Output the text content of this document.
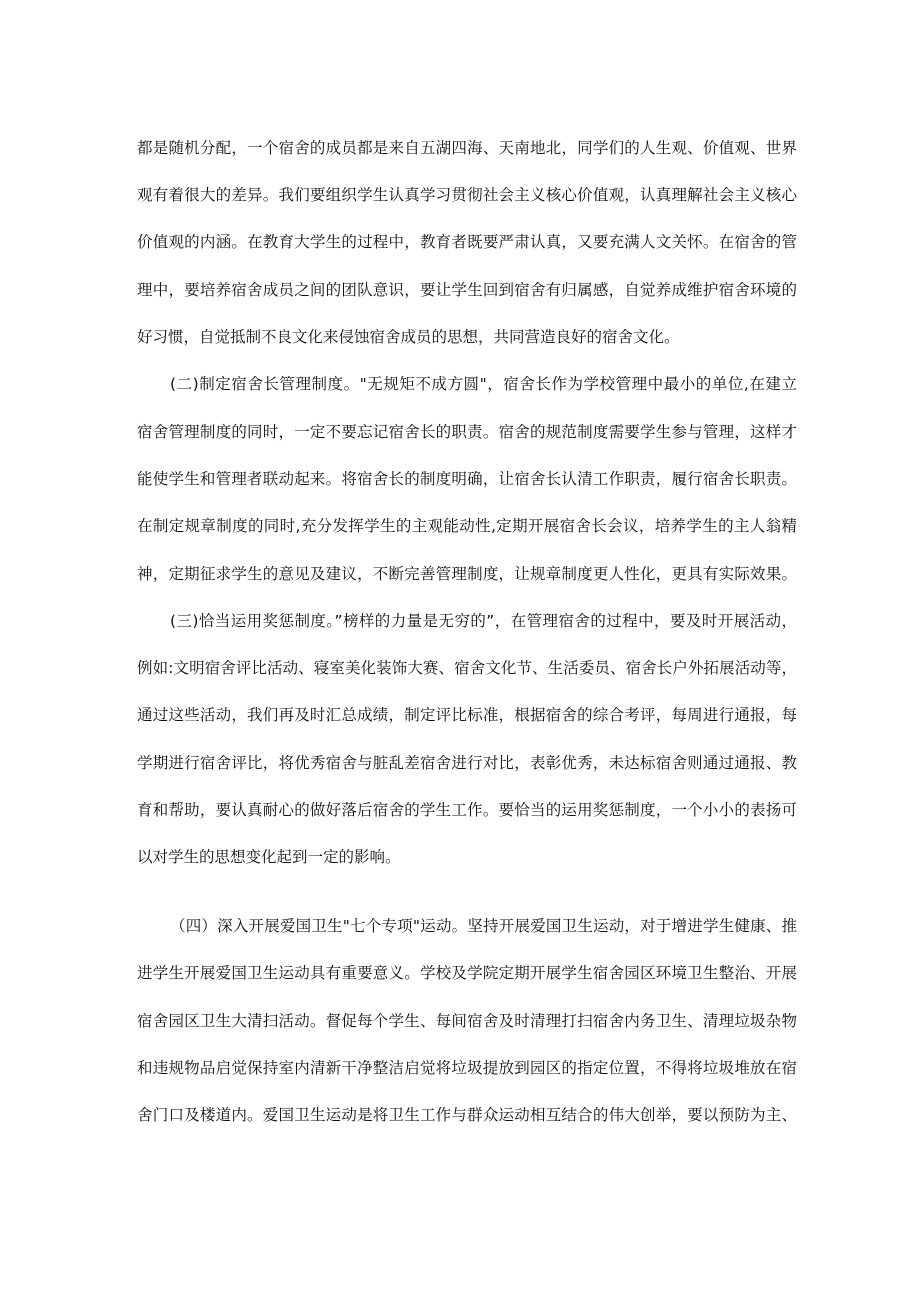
都是随机分配，一个宿舍的成员都是来自五湖四海、天南地北，同学们的人生观、价值观、世界
观有着很大的差异。我们要组织学生认真学习贯彻社会主义核心价值观，认真理解社会主义核心
价值观的内涵。在教育大学生的过程中，教育者既要严肃认真，又要充满人文关怀。在宿舍的管
理中，要培养宿舍成员之间的团队意识，要让学生回到宿舍有归属感，自觉养成维护宿舍环境的
好习惯，自觉抵制不良文化来侵蚀宿舍成员的思想，共同营造良好的宿舍文化。
(二)制定宿舍长管理制度。"无规矩不成方圆"，宿舍长作为学校管理中最小的单位,在建立
宿舍管理制度的同时，一定不要忘记宿舍长的职责。宿舍的规范制度需要学生参与管理，这样才
能使学生和管理者联动起来。将宿舍长的制度明确，让宿舍长认清工作职责，履行宿舍长职责。
在制定规章制度的同时,充分发挥学生的主观能动性,定期开展宿舍长会议，培养学生的主人翁精
神，定期征求学生的意见及建议，不断完善管理制度，让规章制度更人性化，更具有实际效果。
(三)恰当运用奖惩制度。”榜样的力量是无穷的”，在管理宿舍的过程中，要及时开展活动，
例如:文明宿舍评比活动、寝室美化装饰大赛、宿舍文化节、生活委员、宿舍长户外拓展活动等，
通过这些活动，我们再及时汇总成绩，制定评比标准，根据宿舍的综合考评，每周进行通报，每
学期进行宿舍评比，将优秀宿舍与脏乱差宿舍进行对比，表彰优秀，未达标宿舍则通过通报、教
育和帮助，要认真耐心的做好落后宿舍的学生工作。要恰当的运用奖惩制度，一个小小的表扬可
以对学生的思想变化起到一定的影响。
（四）深入开展爱国卫生"七个专项"运动。坚持开展爱国卫生运动，对于增进学生健康、推
进学生开展爱国卫生运动具有重要意义。学校及学院定期开展学生宿舍园区环境卫生整治、开展
宿舍园区卫生大清扫活动。督促每个学生、每间宿舍及时清理打扫宿舍内务卫生、清理垃圾杂物
和违规物品启觉保持室内清新干净整洁启觉将垃圾提放到园区的指定位置，不得将垃圾堆放在宿
舍门口及楼道内。爱国卫生运动是将卫生工作与群众运动相互结合的伟大创举，要以预防为主、
